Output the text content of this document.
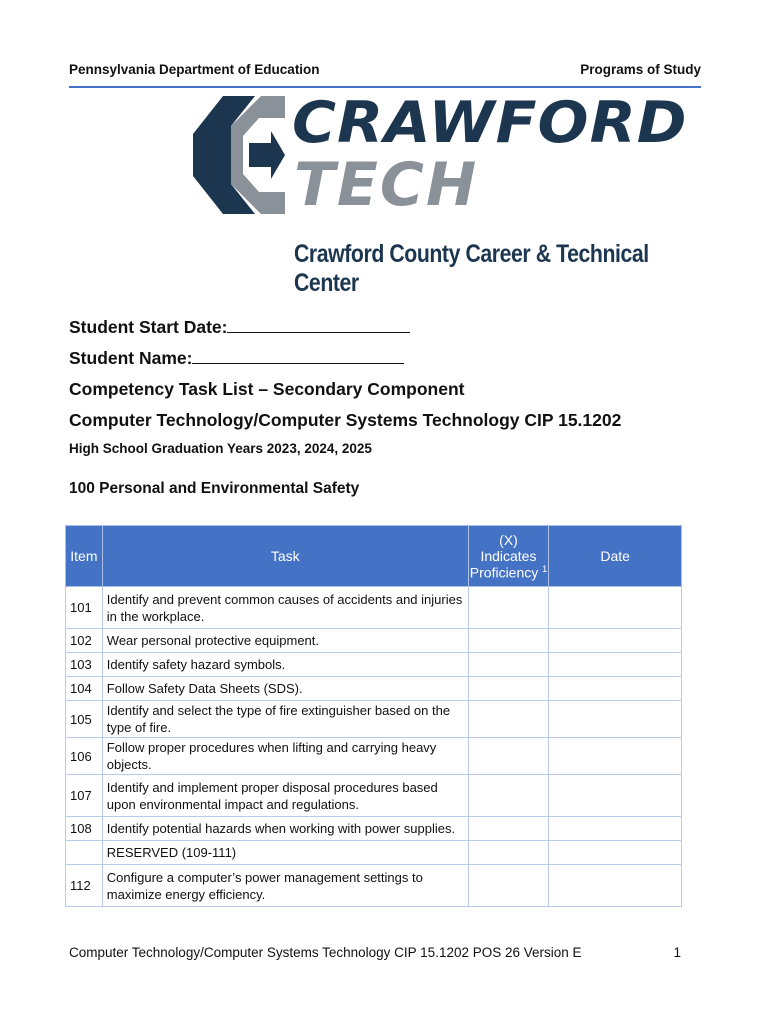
Pennsylvania Department of Education	Programs of Study
CRAWFORD
TECH
Crawford County Career & Technical Center
Student Start Date:
Student Name:
Competency Task List – Secondary Component
Computer Technology/Computer Systems Technology CIP 15.1202
High School Graduation Years 2023, 2024, 2025
100 Personal and Environmental Safety
Item	Task	(X) Indicates Proficiency $^1$	Date
101	Identify and prevent common causes of accidents and injuries in the workplace.		
102	Wear personal protective equipment.		
103	Identify safety hazard symbols.		
104	Follow Safety Data Sheets (SDS).		
105	Identify and select the type of fire extinguisher based on the type of fire.		
106	Follow proper procedures when lifting and carrying heavy objects.		
107	Identify and implement proper disposal procedures based upon environmental impact and regulations.		
108	Identify potential hazards when working with power supplies.		
	RESERVED (109-111)		
112	Configure a computer’s power management settings to maximize energy efficiency.		
Computer Technology/Computer Systems Technology CIP 15.1202 POS 26 Version E	1
